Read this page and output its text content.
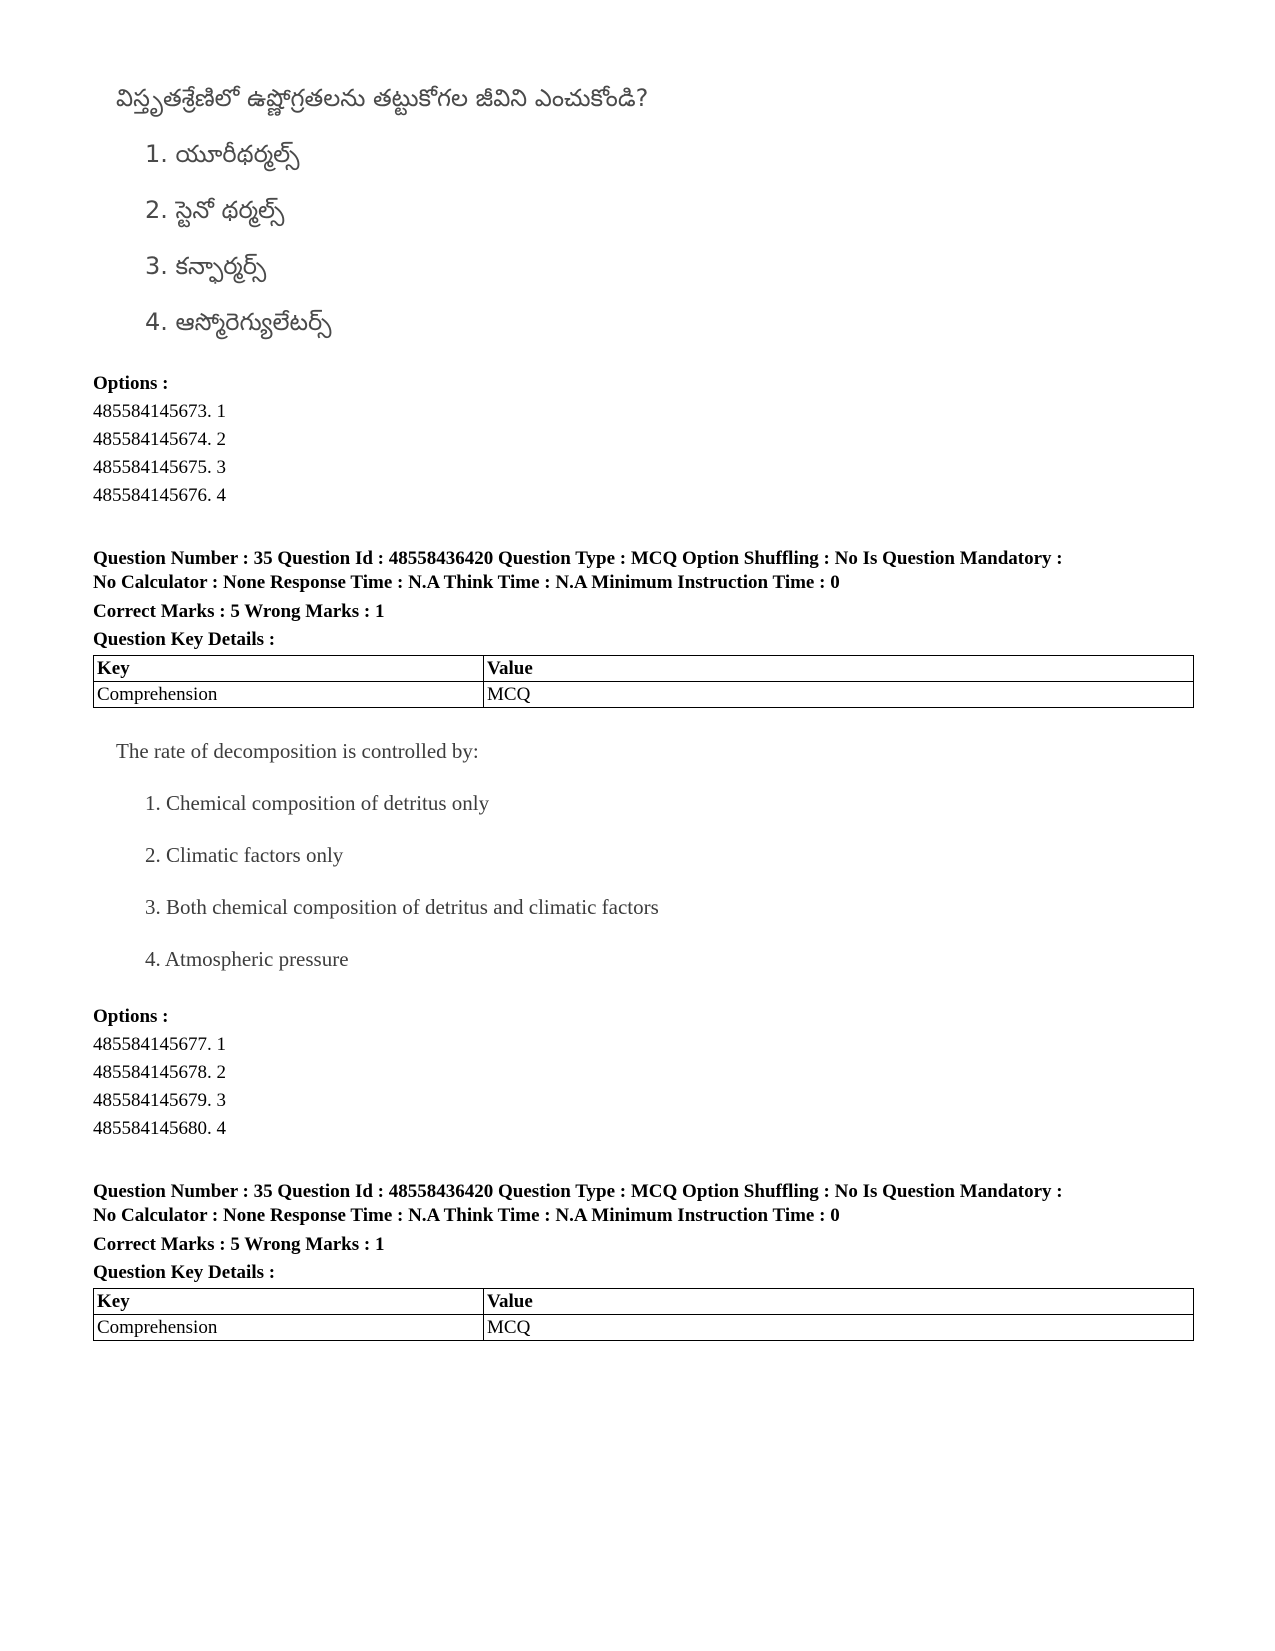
విస్తృతశ్రేణిలో ఉష్ణోగ్రతలను తట్టుకోగల జీవిని ఎంచుకోండి?
1. యూరీథర్మల్స్
2. స్టెనో థర్మల్స్
3. కన్ఫార్మర్స్
4. ఆస్మోరెగ్యులేటర్స్
Options :
485584145673. 1
485584145674. 2
485584145675. 3
485584145676. 4
Question Number : 35 Question Id : 48558436420 Question Type : MCQ Option Shuffling : No Is Question Mandatory :
No Calculator : None Response Time : N.A Think Time : N.A Minimum Instruction Time : 0
Correct Marks : 5 Wrong Marks : 1
Question Key Details :
Key	Value
Comprehension	MCQ
The rate of decomposition is controlled by:
1. Chemical composition of detritus only
2. Climatic factors only
3. Both chemical composition of detritus and climatic factors
4. Atmospheric pressure
Options :
485584145677. 1
485584145678. 2
485584145679. 3
485584145680. 4
Question Number : 35 Question Id : 48558436420 Question Type : MCQ Option Shuffling : No Is Question Mandatory :
No Calculator : None Response Time : N.A Think Time : N.A Minimum Instruction Time : 0
Correct Marks : 5 Wrong Marks : 1
Question Key Details :
Key	Value
Comprehension	MCQ
